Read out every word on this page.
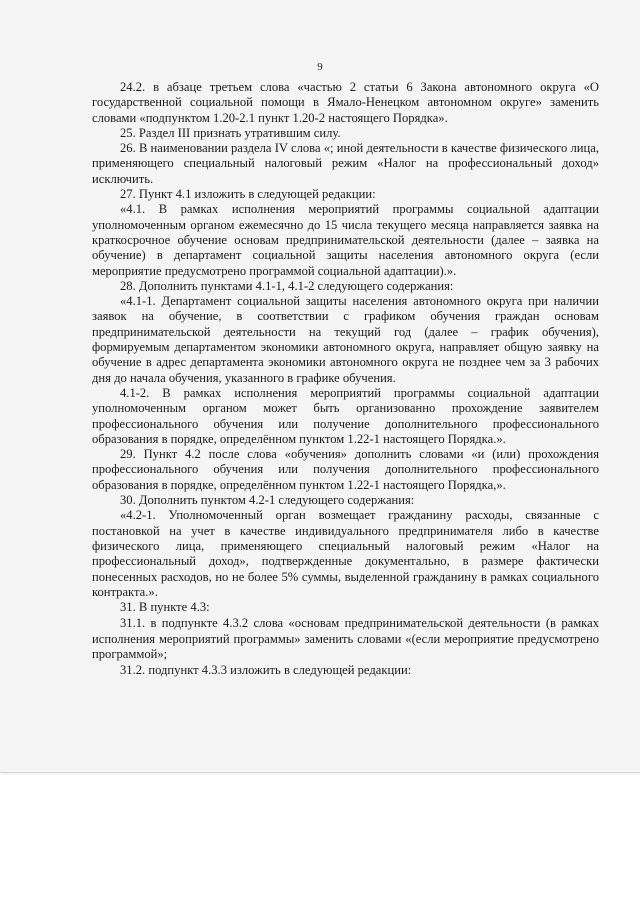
9

24.2. в абзаце третьем слова «частью 2 статьи 6 Закона автономного округа «О государственной социальной помощи в Ямало-Ненецком автономном округе» заменить словами «подпунктом 1.20-2.1 пункт 1.20-2 настоящего Порядка».

25. Раздел III признать утратившим силу.

26. В наименовании раздела IV слова «; иной деятельности в качестве физического лица, применяющего специальный налоговый режим «Налог на профессиональный доход» исключить.

27. Пункт 4.1 изложить в следующей редакции:

«4.1. В рамках исполнения мероприятий программы социальной адаптации уполномоченным органом ежемесячно до 15 числа текущего месяца направляется заявка на краткосрочное обучение основам предпринимательской деятельности (далее – заявка на обучение) в департамент социальной защиты населения автономного округа (если мероприятие предусмотрено программой социальной адаптации).».

28. Дополнить пунктами 4.1-1, 4.1-2 следующего содержания:

«4.1-1. Департамент социальной защиты населения автономного округа при наличии заявок на обучение, в соответствии с графиком обучения граждан основам предпринимательской деятельности на текущий год (далее – график обучения), формируемым департаментом экономики автономного округа, направляет общую заявку на обучение в адрес департамента экономики автономного округа не позднее чем за 3 рабочих дня до начала обучения, указанного в графике обучения.

4.1-2. В рамках исполнения мероприятий программы социальной адаптации уполномоченным органом может быть организованно прохождение заявителем профессионального обучения или получение дополнительного профессионального образования в порядке, определённом пунктом 1.22-1 настоящего Порядка.».

29. Пункт 4.2 после слова «обучения» дополнить словами «и (или) прохождения профессионального обучения или получения дополнительного профессионального образования в порядке, определённом пунктом 1.22-1 настоящего Порядка,».

30. Дополнить пунктом 4.2-1 следующего содержания:

«4.2-1. Уполномоченный орган возмещает гражданину расходы, связанные с постановкой на учет в качестве индивидуального предпринимателя либо в качестве физического лица, применяющего специальный налоговый режим «Налог на профессиональный доход», подтвержденные документально, в размере фактически понесенных расходов, но не более 5% суммы, выделенной гражданину в рамках социального контракта.».

31. В пункте 4.3:

31.1. в подпункте 4.3.2 слова «основам предпринимательской деятельности (в рамках исполнения мероприятий программы» заменить словами «(если мероприятие предусмотрено программой»;

31.2. подпункт 4.3.3 изложить в следующей редакции:
